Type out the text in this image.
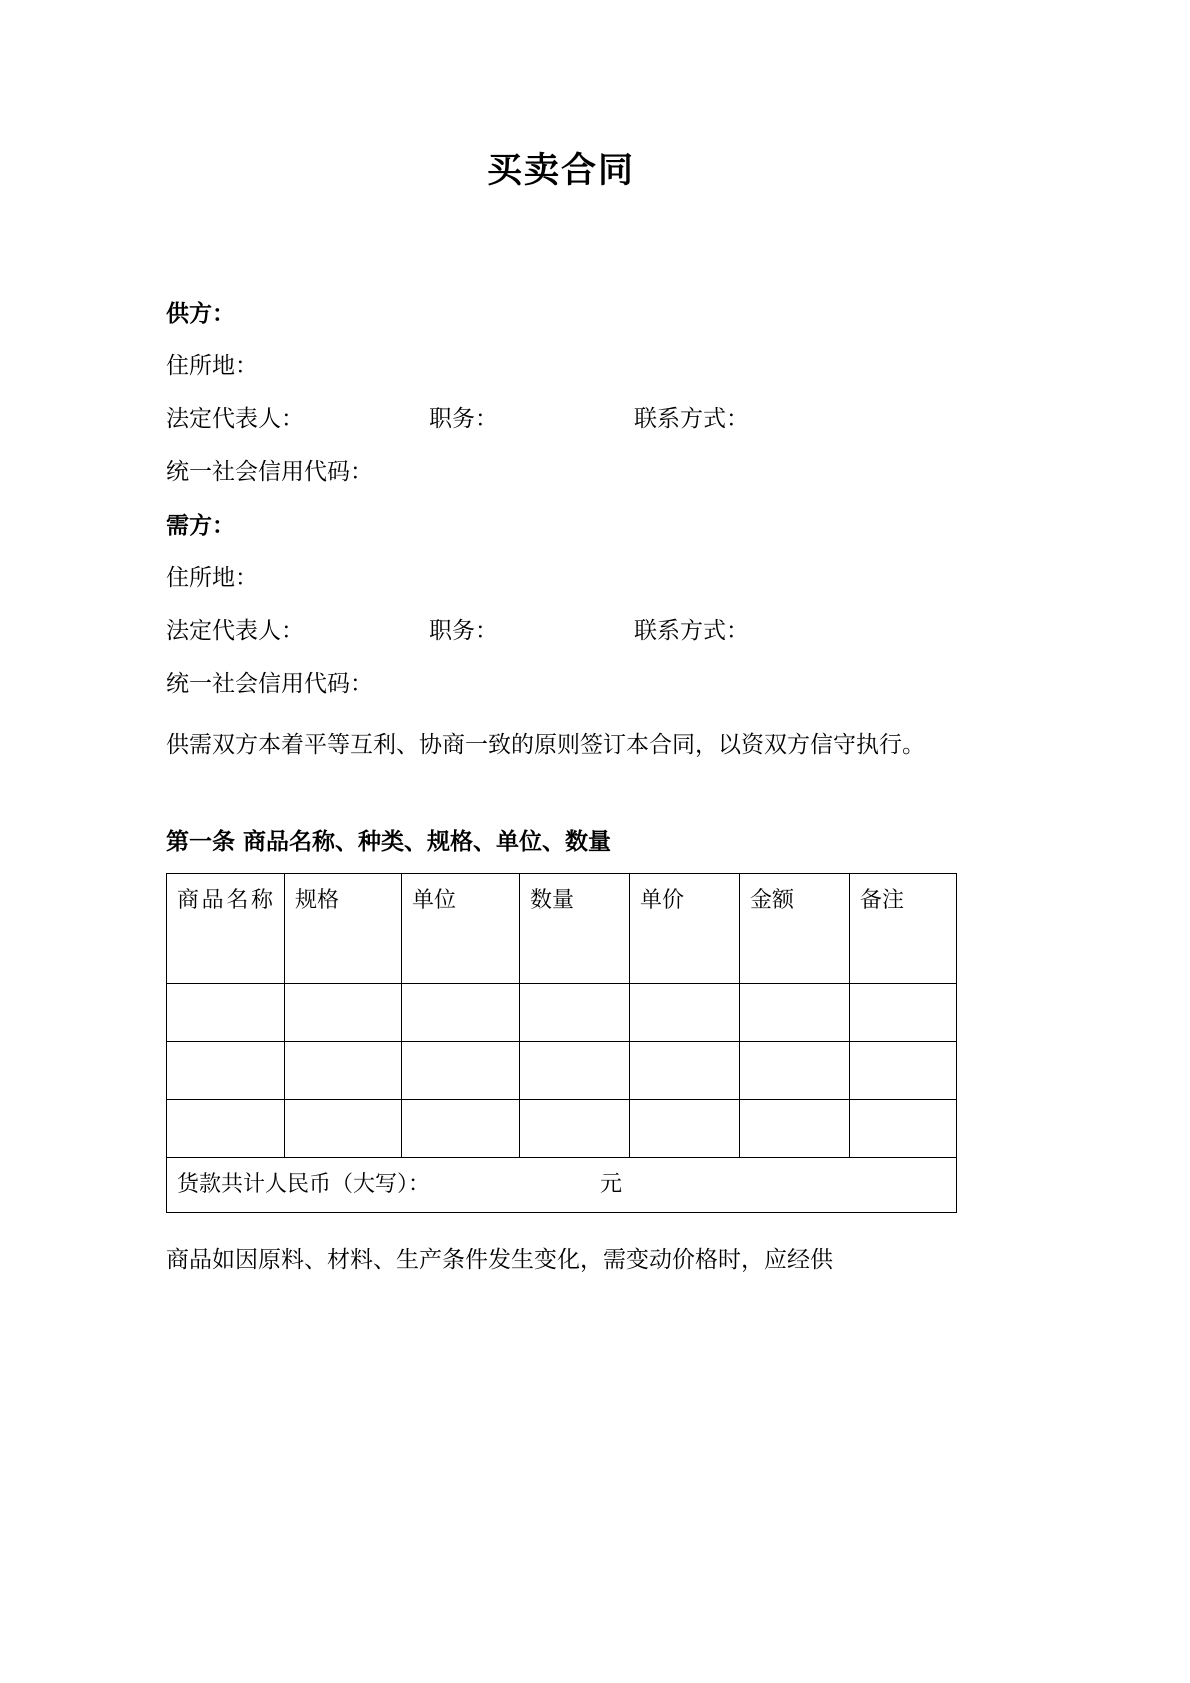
买卖合同

供方：

住所地：

法定代表人：	职务：	联系方式：

统一社会信用代码：

需方：

住所地：

法定代表人：	职务：	联系方式：

统一社会信用代码：

供需双方本着平等互利、协商一致的原则签订本合同，以资双方信守执行。

第一条 商品名称、种类、规格、单位、数量

商品名称	规格	单位	数量	单价	金额	备注

货款共计人民币（大写）： 元						

商品如因原料、材料、生产条件发生变化，需变动价格时，应经供
